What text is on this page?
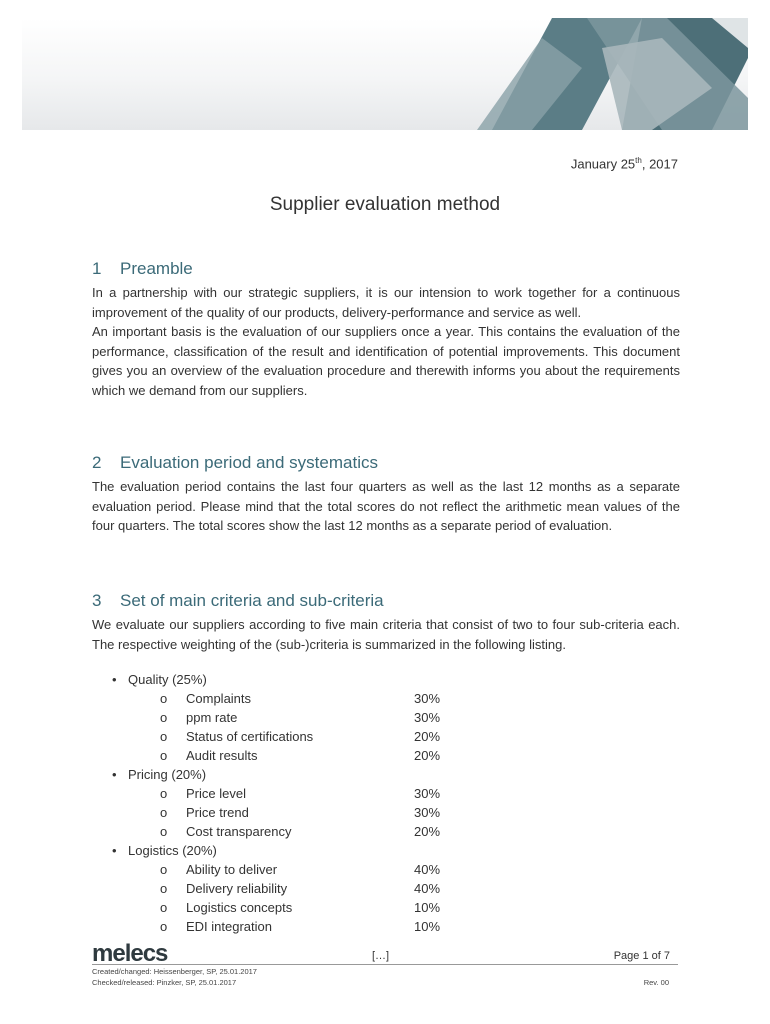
January 25th, 2017
Supplier evaluation method
1	Preamble

In a partnership with our strategic suppliers, it is our intension to work together for a continuous improvement of the quality of our products, delivery-performance and service as well.

An important basis is the evaluation of our suppliers once a year. This contains the evaluation of the performance, classification of the result and identification of potential improvements. This document gives you an overview of the evaluation procedure and therewith informs you about the requirements which we demand from our suppliers.

2	Evaluation period and systematics

The evaluation period contains the last four quarters as well as the last 12 months as a separate evaluation period. Please mind that the total scores do not reflect the arithmetic mean values of the four quarters. The total scores show the last 12 months as a separate period of evaluation.

3	Set of main criteria and sub-criteria

We evaluate our suppliers according to five main criteria that consist of two to four sub-criteria each. The respective weighting of the (sub-)criteria is summarized in the following listing.

• Quality
(25%)
o	Complaints	30%
o	ppm rate	30%
o	Status of certifications	20%
o	Audit results	20%
• Pricing
(20%)
o	Price level	30%
o	Price trend	30%
o	Cost transparency	20%
• Logistics
(20%)
o	Ability to deliver	40%
o	Delivery reliability	40%
o	Logistics concepts	10%
o	EDI integration	10%
melecs	[…]	Page 1 of 7
Created/changed: Heissenberger, SP, 25.01.2017
Checked/released: Pinzker, SP, 25.01.2017	Rev. 00
